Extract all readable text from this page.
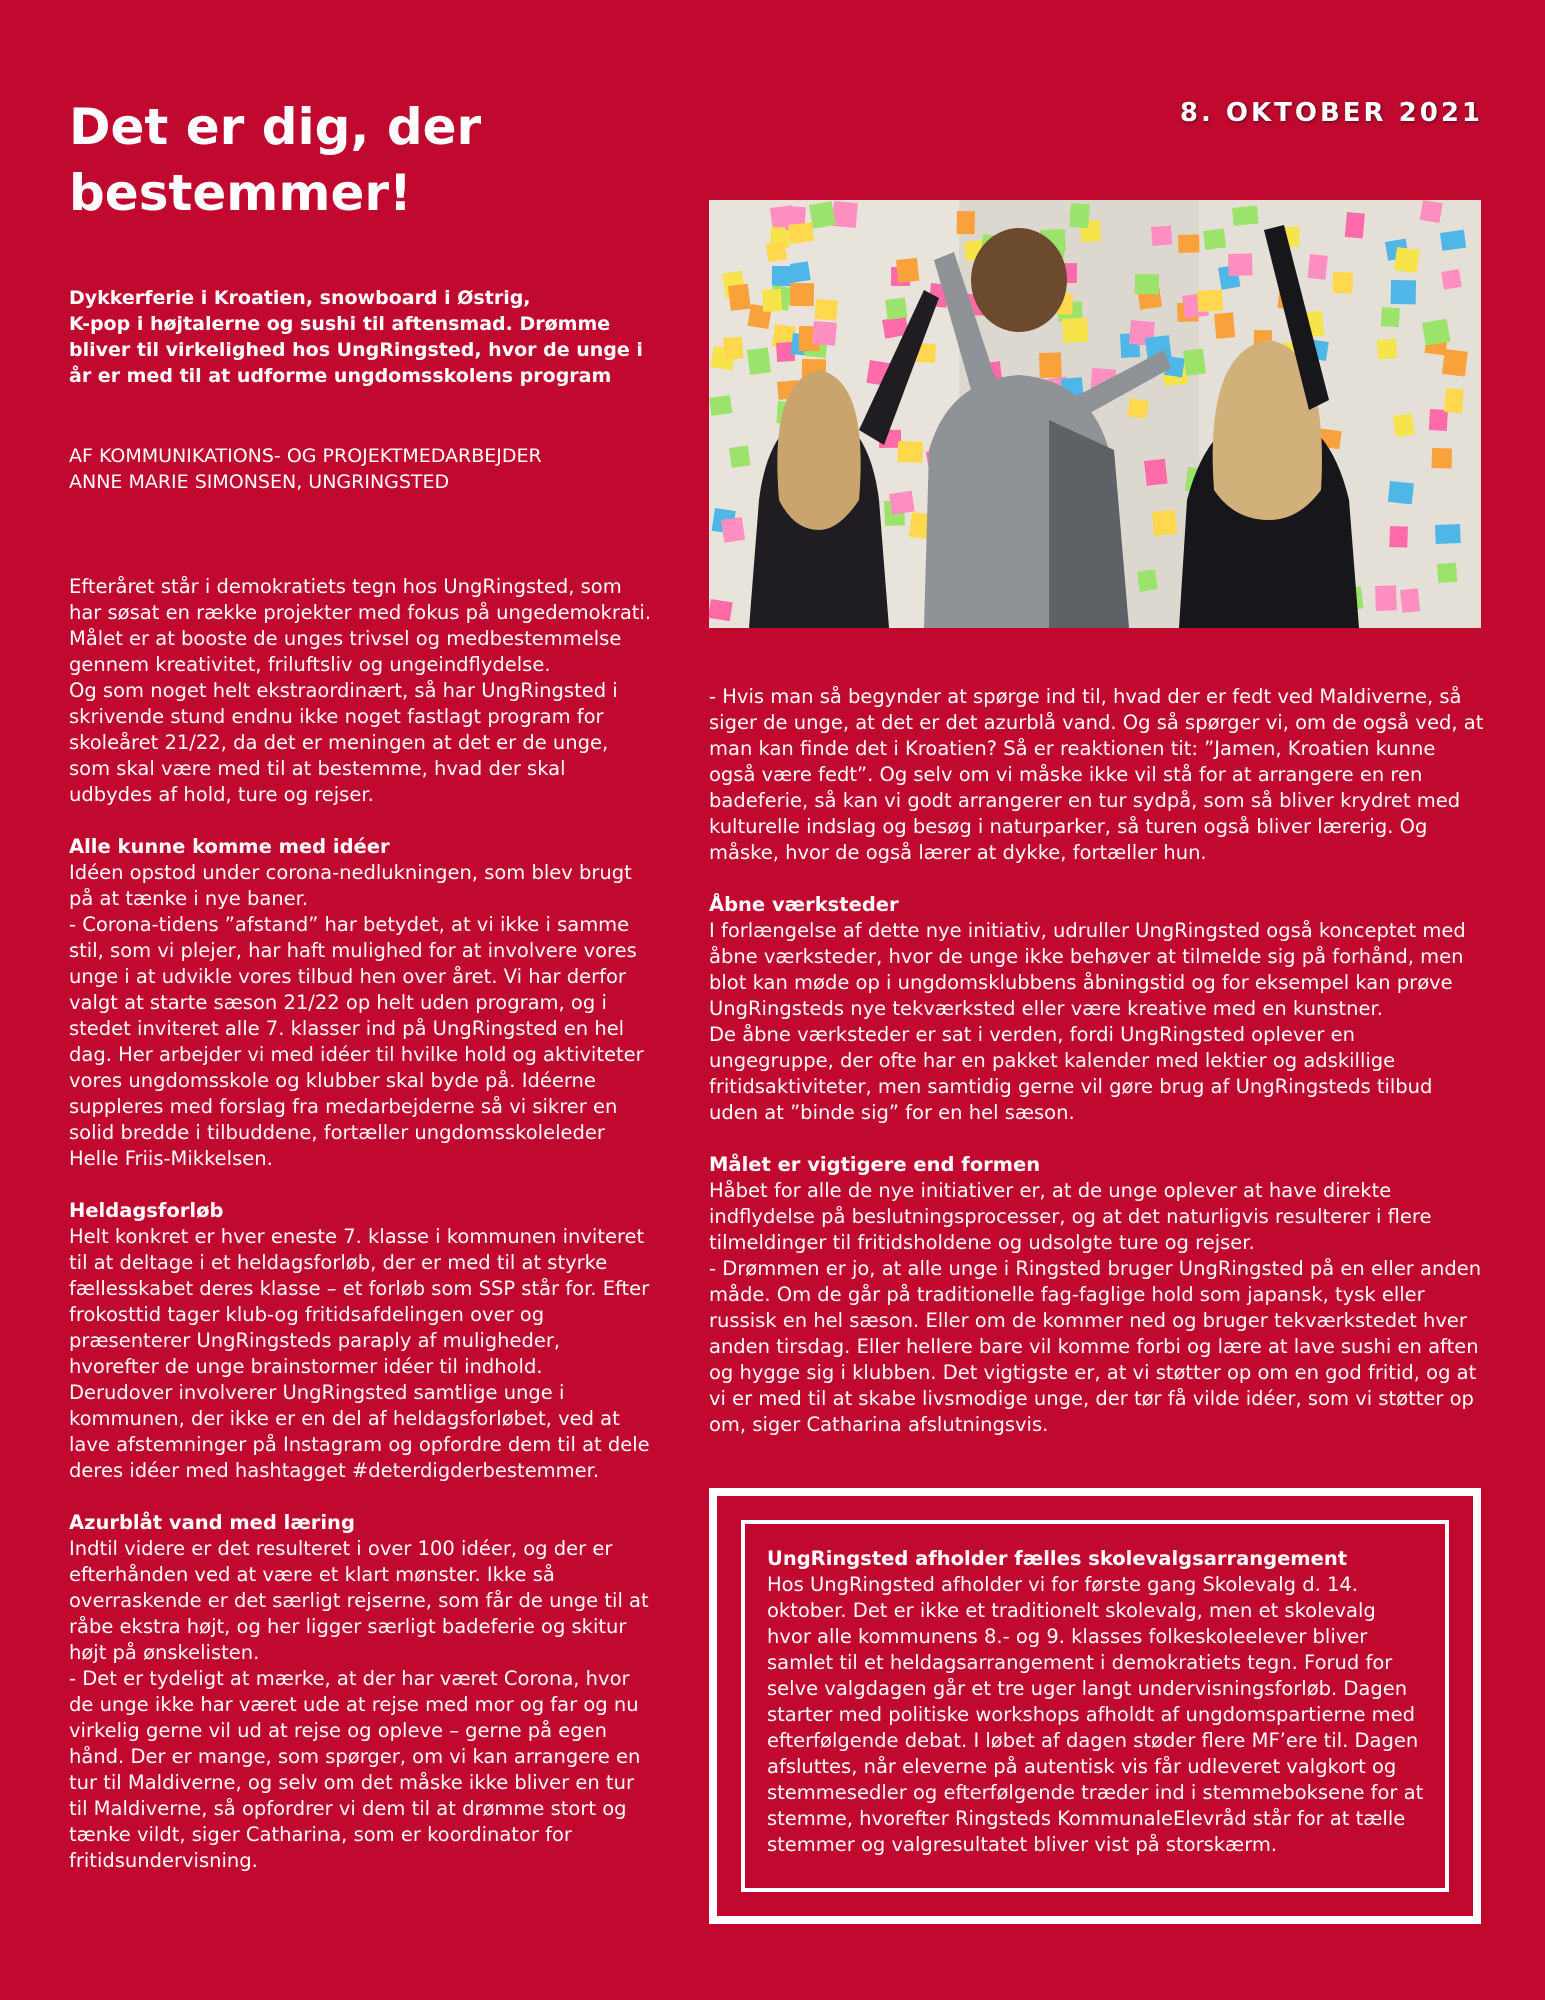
Det er dig, der
bestemmer!
8. OKTOBER 2021
Dykkerferie i Kroatien, snowboard i Østrig,
K-pop i højtalerne og sushi til aftensmad. Drømme
bliver til virkelighed hos UngRingsted, hvor de unge i
år er med til at udforme ungdomsskolens program
AF KOMMUNIKATIONS- OG PROJEKTMEDARBEJDER
ANNE MARIE SIMONSEN, UNGRINGSTED

Efteråret står i demokratiets tegn hos UngRingsted, som har søsat en række projekter med fokus på ungedemokrati. Målet er at booste de unges trivsel og medbestemmelse gennem kreativitet, friluftsliv og ungeindflydelse.

Og som noget helt ekstraordinært, så har UngRingsted i skrivende stund endnu ikke noget fastlagt program for skoleåret 21/22, da det er meningen at det er de unge, som skal være med til at bestemme, hvad der skal udbydes af hold, ture og rejser.

Alle kunne komme med idéer

Idéen opstod under corona-nedlukningen, som blev brugt på at tænke i nye baner.

- Corona-tidens ”afstand” har betydet, at vi ikke i samme stil, som vi plejer, har haft mulighed for at involvere vores unge i at udvikle vores tilbud hen over året. Vi har derfor valgt at starte sæson 21/22 op helt uden program, og i stedet inviteret alle 7. klasser ind på UngRingsted en hel dag. Her arbejder vi med idéer til hvilke hold og aktiviteter vores ungdomsskole og klubber skal byde på. Idéerne suppleres med forslag fra medarbejderne så vi sikrer en solid bredde i tilbuddene, fortæller ungdomsskoleleder Helle Friis-Mikkelsen.

Heldagsforløb

Helt konkret er hver eneste 7. klasse i kommunen inviteret til at deltage i et heldagsforløb, der er med til at styrke fællesskabet deres klasse – et forløb som SSP står for. Efter frokosttid tager klub-og fritidsafdelingen over og præsenterer UngRingsteds paraply af muligheder, hvorefter de unge brainstormer idéer til indhold.

Derudover involverer UngRingsted samtlige unge i kommunen, der ikke er en del af heldagsforløbet, ved at lave afstemninger på Instagram og opfordre dem til at dele deres idéer med hashtagget #deterdigderbestemmer.

Azurblåt vand med læring

Indtil videre er det resulteret i over 100 idéer, og der er efterhånden ved at være et klart mønster. Ikke så overraskende er det særligt rejserne, som får de unge til at råbe ekstra højt, og her ligger særligt badeferie og skitur højt på ønskelisten.

- Det er tydeligt at mærke, at der har været Corona, hvor de unge ikke har været ude at rejse med mor og far og nu virkelig gerne vil ud at rejse og opleve – gerne på egen hånd. Der er mange, som spørger, om vi kan arrangere en tur til Maldiverne, og selv om det måske ikke bliver en tur til Maldiverne, så opfordrer vi dem til at drømme stort og tænke vildt, siger Catharina, som er koordinator for fritidsundervisning.

- Hvis man så begynder at spørge ind til, hvad der er fedt ved Maldiverne, så siger de unge, at det er det azurblå vand. Og så spørger vi, om de også ved, at man kan finde det i Kroatien? Så er reaktionen tit: ”Jamen, Kroatien kunne også være fedt”. Og selv om vi måske ikke vil stå for at arrangere en ren badeferie, så kan vi godt arrangerer en tur sydpå, som så bliver krydret med kulturelle indslag og besøg i naturparker, så turen også bliver lærerig. Og måske, hvor de også lærer at dykke, fortæller hun.

Åbne værksteder

I forlængelse af dette nye initiativ, udruller UngRingsted også konceptet med åbne værksteder, hvor de unge ikke behøver at tilmelde sig på forhånd, men blot kan møde op i ungdomsklubbens åbningstid og for eksempel kan prøve UngRingsteds nye tekværksted eller være kreative med en kunstner.

De åbne værksteder er sat i verden, fordi UngRingsted oplever en ungegruppe, der ofte har en pakket kalender med lektier og adskillige fritidsaktiviteter, men samtidig gerne vil gøre brug af UngRingsteds tilbud uden at ”binde sig” for en hel sæson.

Målet er vigtigere end formen

Håbet for alle de nye initiativer er, at de unge oplever at have direkte indflydelse på beslutningsprocesser, og at det naturligvis resulterer i flere tilmeldinger til fritidsholdene og udsolgte ture og rejser.

- Drømmen er jo, at alle unge i Ringsted bruger UngRingsted på en eller anden måde. Om de går på traditionelle fag-faglige hold som japansk, tysk eller russisk en hel sæson. Eller om de kommer ned og bruger tekværkstedet hver anden tirsdag. Eller hellere bare vil komme forbi og lære at lave sushi en aften og hygge sig i klubben. Det vigtigste er, at vi støtter op om en god fritid, og at vi er med til at skabe livsmodige unge, der tør få vilde idéer, som vi støtter op om, siger Catharina afslutningsvis.

UngRingsted afholder fælles skolevalgsarrangement

Hos UngRingsted afholder vi for første gang Skolevalg d. 14. oktober. Det er ikke et traditionelt skolevalg, men et skolevalg hvor alle kommunens 8.- og 9. klasses folkeskoleelever bliver samlet til et heldagsarrangement i demokratiets tegn. Forud for selve valgdagen går et tre uger langt undervisningsforløb. Dagen starter med politiske workshops afholdt af ungdomspartierne med efterfølgende debat. I løbet af dagen støder flere MF’ere til. Dagen afsluttes, når eleverne på autentisk vis får udleveret valgkort og stemmesedler og efterfølgende træder ind i stemmeboksene for at stemme, hvorefter Ringsteds KommunaleElevråd står for at tælle stemmer og valgresultatet bliver vist på storskærm.
